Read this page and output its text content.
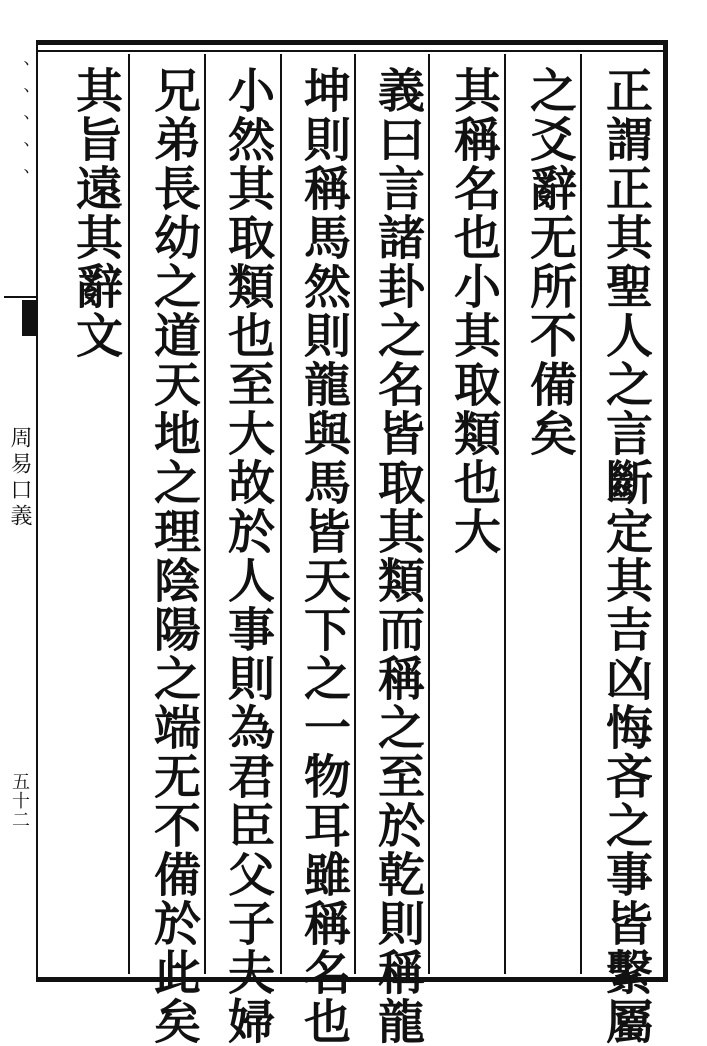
、、、、、
周易口義
五十二	正謂正其聖人之言斷定其吉凶悔吝之事皆繫屬
之爻辭无所不備矣
其稱名也小其取類也大
義曰言諸卦之名皆取其類而稱之至於乾則稱龍
坤則稱馬然則龍與馬皆天下之一物耳雖稱名也
小然其取類也至大故於人事則為君臣父子夫婦
兄弟長幼之道天地之理陰陽之端无不備於此矣
其旨遠其辭文
